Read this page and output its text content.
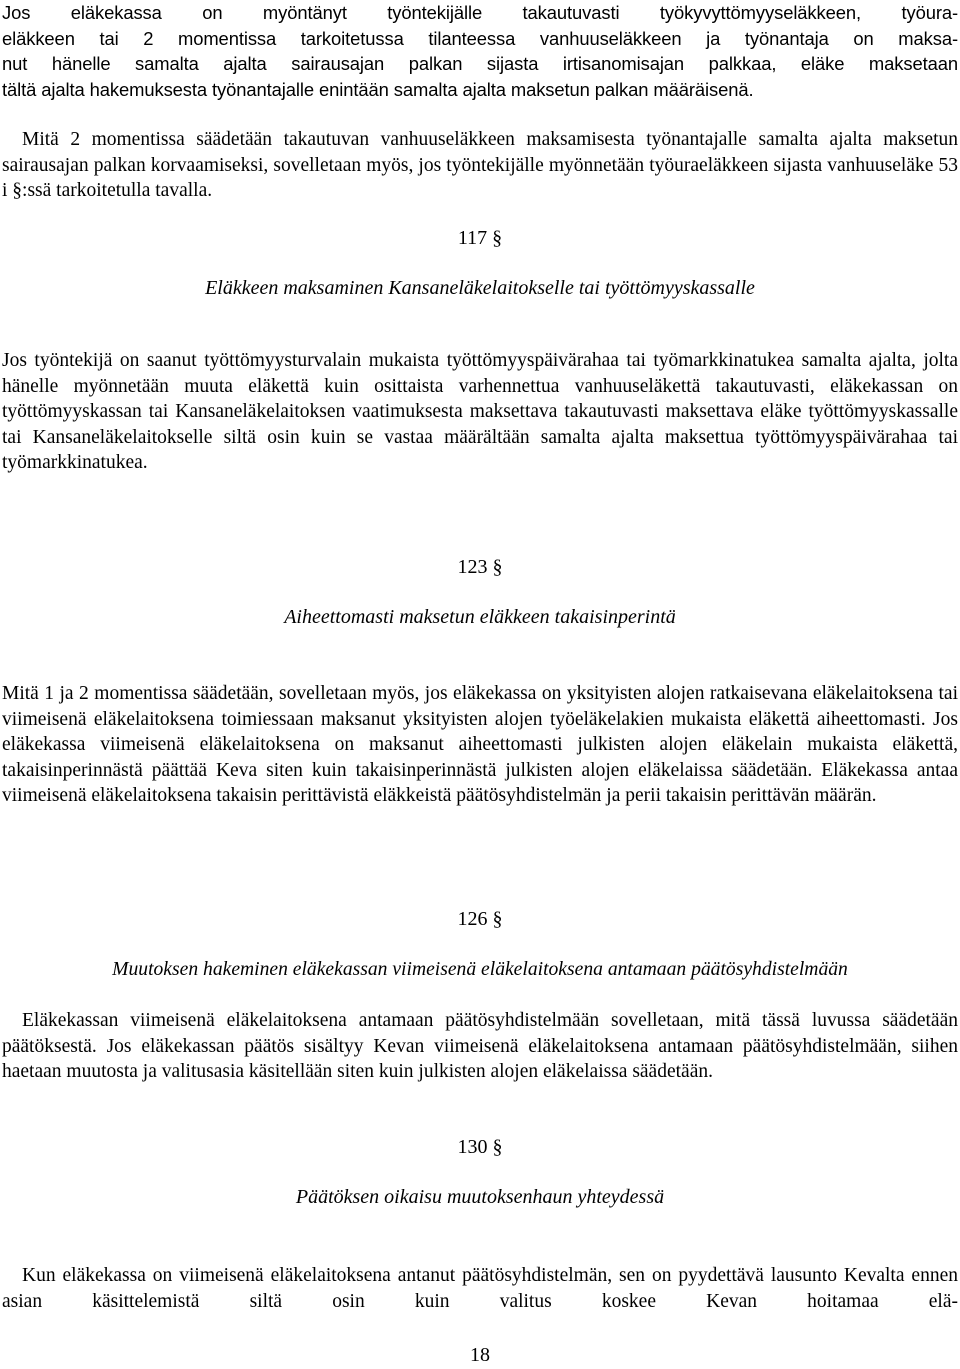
Jos eläkekassa on myöntänyt työntekijälle takautuvasti työkyvyttömyyseläkkeen, työura-
eläkkeen tai 2 momentissa tarkoitetussa tilanteessa vanhuuseläkkeen ja työnantaja on maksa-
nut hänelle samalta ajalta sairausajan palkan sijasta irtisanomisajan palkkaa, eläke maksetaan
tältä ajalta hakemuksesta työnantajalle enintään samalta ajalta maksetun palkan määräisenä.

Mitä 2 momentissa säädetään takautuvan vanhuuseläkkeen maksamisesta työnantajalle samalta ajalta maksetun sairausajan palkan korvaamiseksi, sovelletaan myös, jos työntekijälle myönnetään työuraeläkkeen sijasta vanhuuseläke 53 i §:ssä tarkoitetulla tavalla.

117 §
Eläkkeen maksaminen Kansaneläkelaitokselle tai työttömyyskassalle

Jos työntekijä on saanut työttömyysturvalain mukaista työttömyyspäivärahaa tai työmarkkinatukea samalta ajalta, jolta hänelle myönnetään muuta eläkettä kuin osittaista varhennettua vanhuuseläkettä takautuvasti, eläkekassan on työttömyyskassan tai Kansaneläkelaitoksen vaatimuksesta maksettava takautuvasti maksettava eläke työttömyyskassalle tai Kansaneläkelaitokselle siltä osin kuin se vastaa määrältään samalta ajalta maksettua työttömyyspäivärahaa tai työmarkkinatukea.

123 §
Aiheettomasti maksetun eläkkeen takaisinperintä

Mitä 1 ja 2 momentissa säädetään, sovelletaan myös, jos eläkekassa on yksityisten alojen ratkaisevana eläkelaitoksena tai viimeisenä eläkelaitoksena toimiessaan maksanut yksityisten alojen työeläkelakien mukaista eläkettä aiheettomasti. Jos eläkekassa viimeisenä eläkelaitoksena on maksanut aiheettomasti julkisten alojen eläkelain mukaista eläkettä, takaisinperinnästä päättää Keva siten kuin takaisinperinnästä julkisten alojen eläkelaissa säädetään. Eläkekassa antaa viimeisenä eläkelaitoksena takaisin perittävistä eläkkeistä päätösyhdistelmän ja perii takaisin perittävän määrän.

126 §
Muutoksen hakeminen eläkekassan viimeisenä eläkelaitoksena antamaan päätösyhdistelmään

Eläkekassan viimeisenä eläkelaitoksena antamaan päätösyhdistelmään sovelletaan, mitä tässä luvussa säädetään päätöksestä. Jos eläkekassan päätös sisältyy Kevan viimeisenä eläkelaitoksena antamaan päätösyhdistelmään, siihen haetaan muutosta ja valitusasia käsitellään siten kuin julkisten alojen eläkelaissa säädetään.

130 §
Päätöksen oikaisu muutoksenhaun yhteydessä

Kun eläkekassa on viimeisenä eläkelaitoksena antanut päätösyhdistelmän, sen on pyydettävä lausunto Kevalta ennen asian käsittelemistä siltä osin kuin valitus koskee Kevan hoitamaa elä-

18
